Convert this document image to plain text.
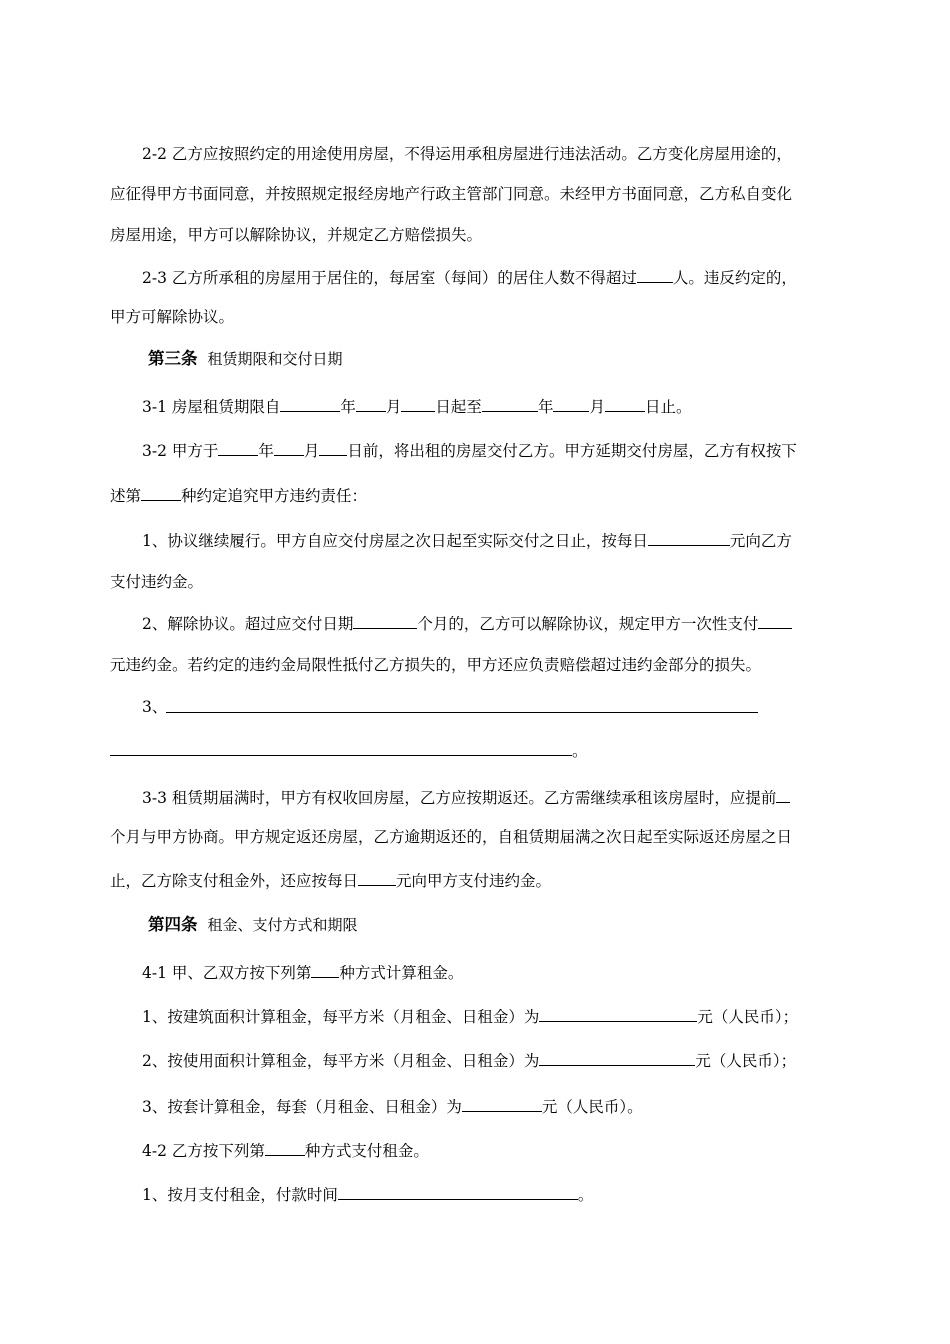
2-2 乙方应按照约定的用途使用房屋，不得运用承租房屋进行违法活动。乙方变化房屋用途的，
应征得甲方书面同意，并按照规定报经房地产行政主管部门同意。未经甲方书面同意，乙方私自变化
房屋用途，甲方可以解除协议，并规定乙方赔偿损失。
2-3 乙方所承租的房屋用于居住的，每居室（每间）的居住人数不得超过 人。违反约定的，
甲方可解除协议。
第三条 租赁期限和交付日期
3-1 房屋租赁期限自	年 月 日起至	年 月	日止。
3-2 甲方于	年 月 日前，将出租的房屋交付乙方。甲方延期交付房屋，乙方有权按下
述第	种约定追究甲方违约责任：
1、协议继续履行。甲方自应交付房屋之次日起至实际交付之日止，按每日	元向乙方
支付违约金。
2、解除协议。超过应交付日期	个月的，乙方可以解除协议，规定甲方一次性支付
元违约金。若约定的违约金局限性抵付乙方损失的，甲方还应负责赔偿超过违约金部分的损失。
3、
。
3-3 租赁期届满时，甲方有权收回房屋，乙方应按期返还。乙方需继续承租该房屋时，应提前
个月与甲方协商。甲方规定返还房屋，乙方逾期返还的，自租赁期届满之次日起至实际返还房屋之日
止，乙方除支付租金外，还应按每日 元向甲方支付违约金。
第四条 租金、支付方式和期限
4-1 甲、乙双方按下列第 种方式计算租金。
1、按建筑面积计算租金，每平方米（月租金、日租金）为	元（人民币）；
2、按使用面积计算租金，每平方米（月租金、日租金）为	元（人民币）；
3、按套计算租金，每套（月租金、日租金）为	元（人民币）。
4-2 乙方按下列第	种方式支付租金。
1、按月支付租金，付款时间	。
